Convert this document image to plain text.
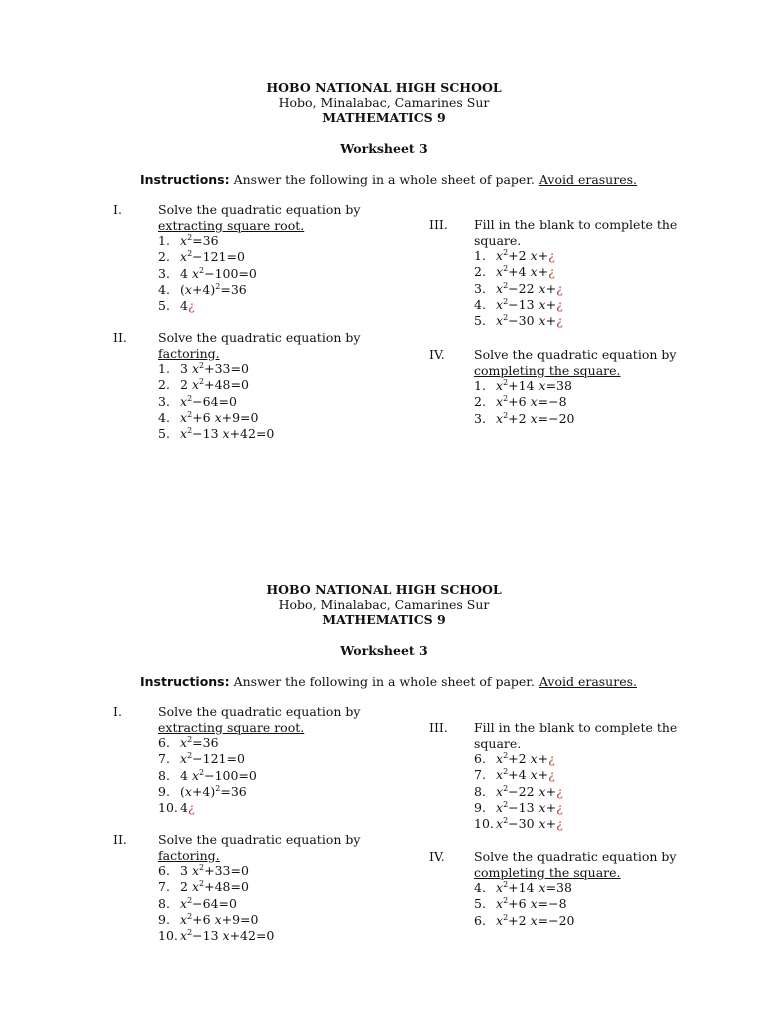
HOBO NATIONAL HIGH SCHOOL
Hobo, Minalabac, Camarines Sur
MATHEMATICS 9
Worksheet 3
Instructions: Answer the following in a whole sheet of paper. Avoid erasures.
I.	Solve the quadratic equation by
extracting square root.
1. $x^2=36$
2. $x^2-121=0$
3. 4 $x^2-100=0$
4. $(x+4)^2=36$
5. 4¿
II. Solve the quadratic equation by
factoring.
1. 3 $x^2+33=0$
2. 2 $x^2+48=0$
3. $x^2-64=0$
4. $x^2+6$ x+9=0
5. $x^2-13$ x+42=0
III. Fill in the blank to complete the
square.
1. $x^2+2$ x+¿
2. $x^2+4$ x+¿
3. $x^2-22$ x+¿
4. $x^2-13$ x+¿
5. $x^2-30$ x+¿
IV. Solve the quadratic equation by
completing the square.
1. $x^2+14$ x=38
2. $x^2+6$ x=−8
3. $x^2+2$ x=−20
HOBO NATIONAL HIGH SCHOOL
Hobo, Minalabac, Camarines Sur
MATHEMATICS 9
Worksheet 3
Instructions: Answer the following in a whole sheet of paper. Avoid erasures.
I.	Solve the quadratic equation by
extracting square root.
6. $x^2=36$
7. $x^2-121=0$
8. 4 $x^2-100=0$
9. $(x+4)^2=36$
10. 4¿
II. Solve the quadratic equation by
factoring.
6. 3 $x^2+33=0$
7. 2 $x^2+48=0$
8. $x^2-64=0$
9. $x^2+6$ x+9=0
10. $x^2-13$ x+42=0
III. Fill in the blank to complete the
square.
6. $x^2+2$ x+¿
7. $x^2+4$ x+¿
8. $x^2-22$ x+¿
9. $x^2-13$ x+¿
10. $x^2-30$ x+¿
IV. Solve the quadratic equation by
completing the square.
4. $x^2+14$ x=38
5. $x^2+6$ x=−8
6. $x^2+2$ x=−20
